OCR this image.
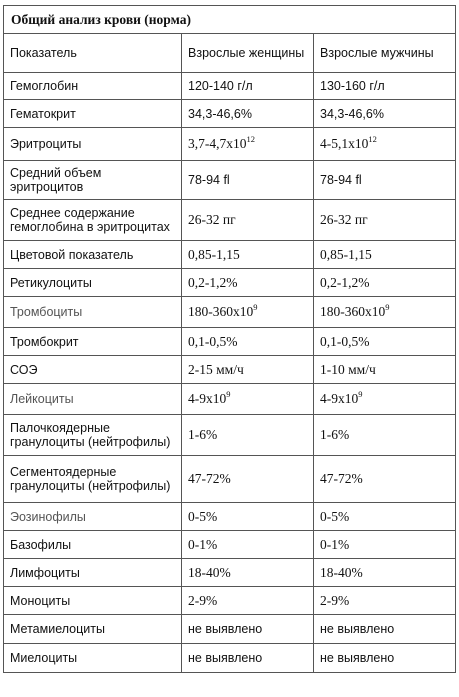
Общий анализ крови (норма)		
Показатель	Взрослые женщины	Взрослые мужчины
Гемоглобин	120-140 г/л	130-160 г/л
Гематокрит	34,3-46,6%	34,3-46,6%
Эритроциты	$3,7-4,7х10^{12}$	$4-5,1х10^{12}$
Средний объем эритроцитов	78-94 fl	78-94 fl
Среднее содержание гемоглобина в эритроцитах	26-32 пг	26-32 пг
Цветовой показатель	0,85-1,15	0,85-1,15
Ретикулоциты	0,2-1,2%	0,2-1,2%
Тромбоциты	$180-360х10^9$	$180-360х10^9$
Тромбокрит	0,1-0,5%	0,1-0,5%
СОЭ	2-15 мм/ч	1-10 мм/ч
Лейкоциты	$4-9х10^9$	$4-9х10^9$
Палочкоядерные гранулоциты (нейтрофилы)	1-6%	1-6%
Сегментоядерные гранулоциты (нейтрофилы)	47-72%	47-72%
Эозинофилы	0-5%	0-5%
Базофилы	0-1%	0-1%
Лимфоциты	18-40%	18-40%
Моноциты	2-9%	2-9%
Метамиелоциты	не выявлено	не выявлено
Миелоциты	не выявлено	не выявлено
